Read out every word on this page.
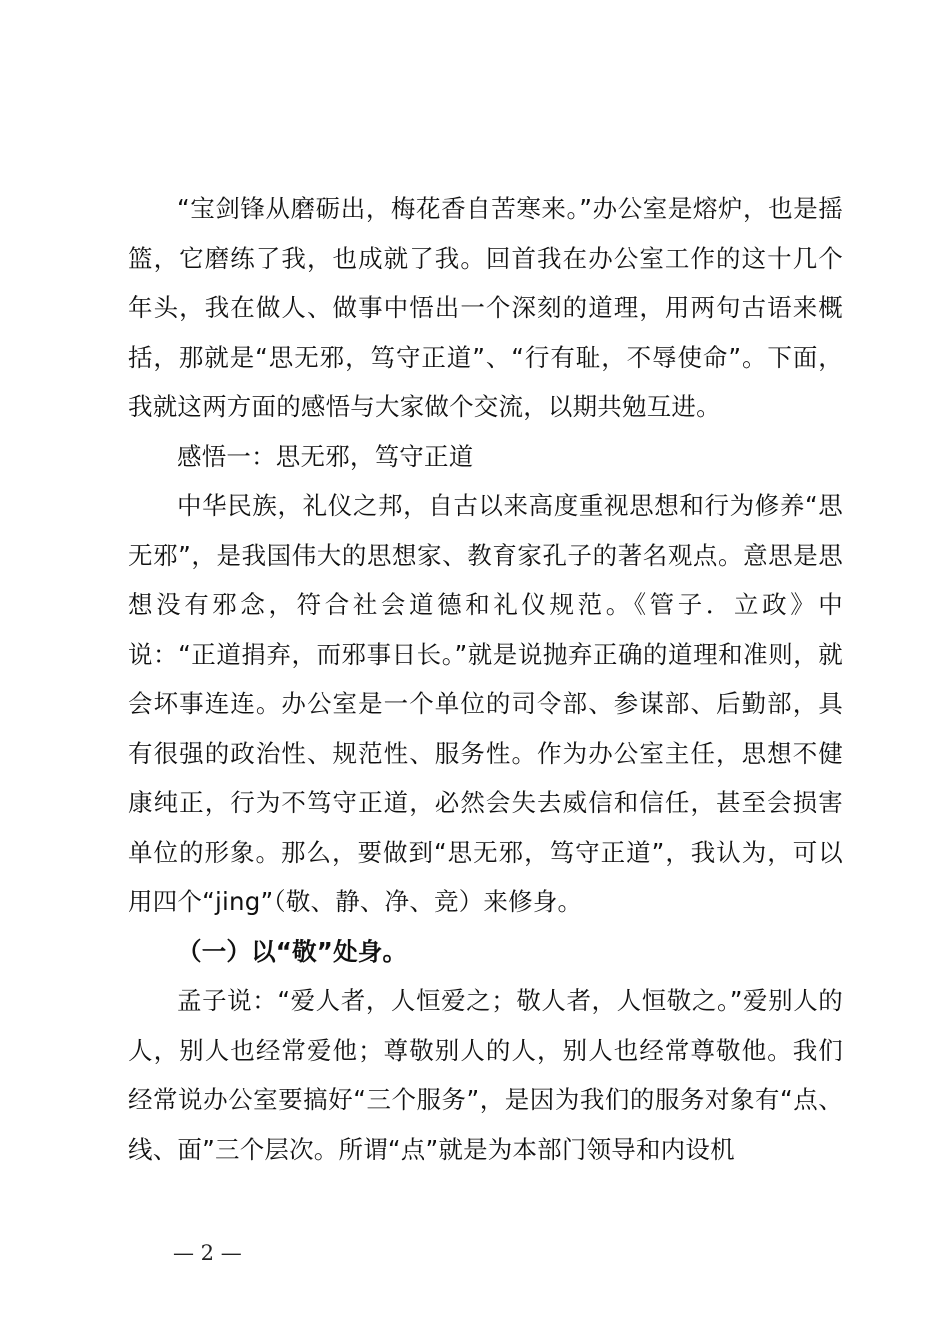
“宝剑锋从磨砺出，梅花香自苦寒来。”办公室是熔炉，也是摇篮，它磨练了我，也成就了我。回首我在办公室工作的这十几个年头，我在做人、做事中悟出一个深刻的道理，用两句古语来概括，那就是“思无邪，笃守正道”、“行有耻，不辱使命”。下面，我就这两方面的感悟与大家做个交流，以期共勉互进。

感悟一：思无邪，笃守正道

中华民族，礼仪之邦，自古以来高度重视思想和行为修养“思无邪”，是我国伟大的思想家、教育家孔子的著名观点。意思是思想没有邪念，符合社会道德和礼仪规范。《管子．立政》中说：“正道捐弃，而邪事日长。”就是说抛弃正确的道理和准则，就会坏事连连。办公室是一个单位的司令部、参谋部、后勤部，具有很强的政治性、规范性、服务性。作为办公室主任，思想不健康纯正，行为不笃守正道，必然会失去威信和信任，甚至会损害单位的形象。那么，要做到“思无邪，笃守正道”，我认为，可以用四个“jing”（敬、静、净、竞）来修身。

（一）以“敬”处身。

孟子说：“爱人者，人恒爱之；敬人者，人恒敬之。”爱别人的人，别人也经常爱他；尊敬别人的人，别人也经常尊敬他。我们经常说办公室要搞好“三个服务”，是因为我们的服务对象有“点、线、面”三个层次。所谓“点”就是为本部门领导和内设机

— 2 —
